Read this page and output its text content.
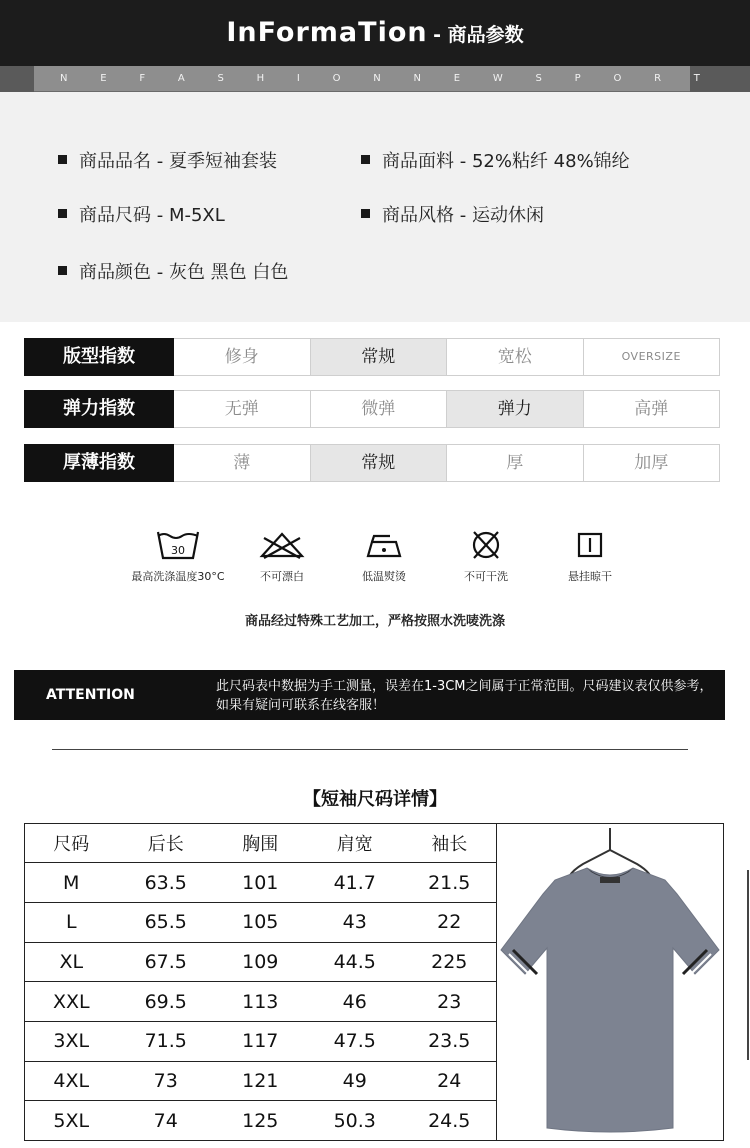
InFormaTion - 商品参数
N	E	F	A	S	H	I	O	N	N	E	W	S	P	O	R	T
商品品名 - 夏季短袖套装	商品面料 - 52%粘纤 48%锦纶
商品尺码 - M-5XL	商品风格 - 运动休闲
商品颜色 - 灰色 黑色 白色
版型指数	修身	常规	宽松	OVERSIZE
弹力指数	无弹	微弹	弹力	高弹
厚薄指数	薄	常规	厚	加厚
30
最高洗涤温度30°C	不可漂白	低温熨烫	不可干洗	悬挂晾干
商品经过特殊工艺加工，严格按照水洗唛洗涤
ATTENTION
此尺码表中数据为手工测量，误差在1-3CM之间属于正常范围。尺码建议表仅供参考，如果有疑问可联系在线客服！
【短袖尺码详情】
尺码	后长	胸围	肩宽	袖长
M	63.5	101	41.7	21.5
L	65.5	105	43	22
XL	67.5	109	44.5	225
XXL	69.5	113	46	23
3XL	71.5	117	47.5	23.5
4XL	73	121	49	24
5XL	74	125	50.3	24.5
